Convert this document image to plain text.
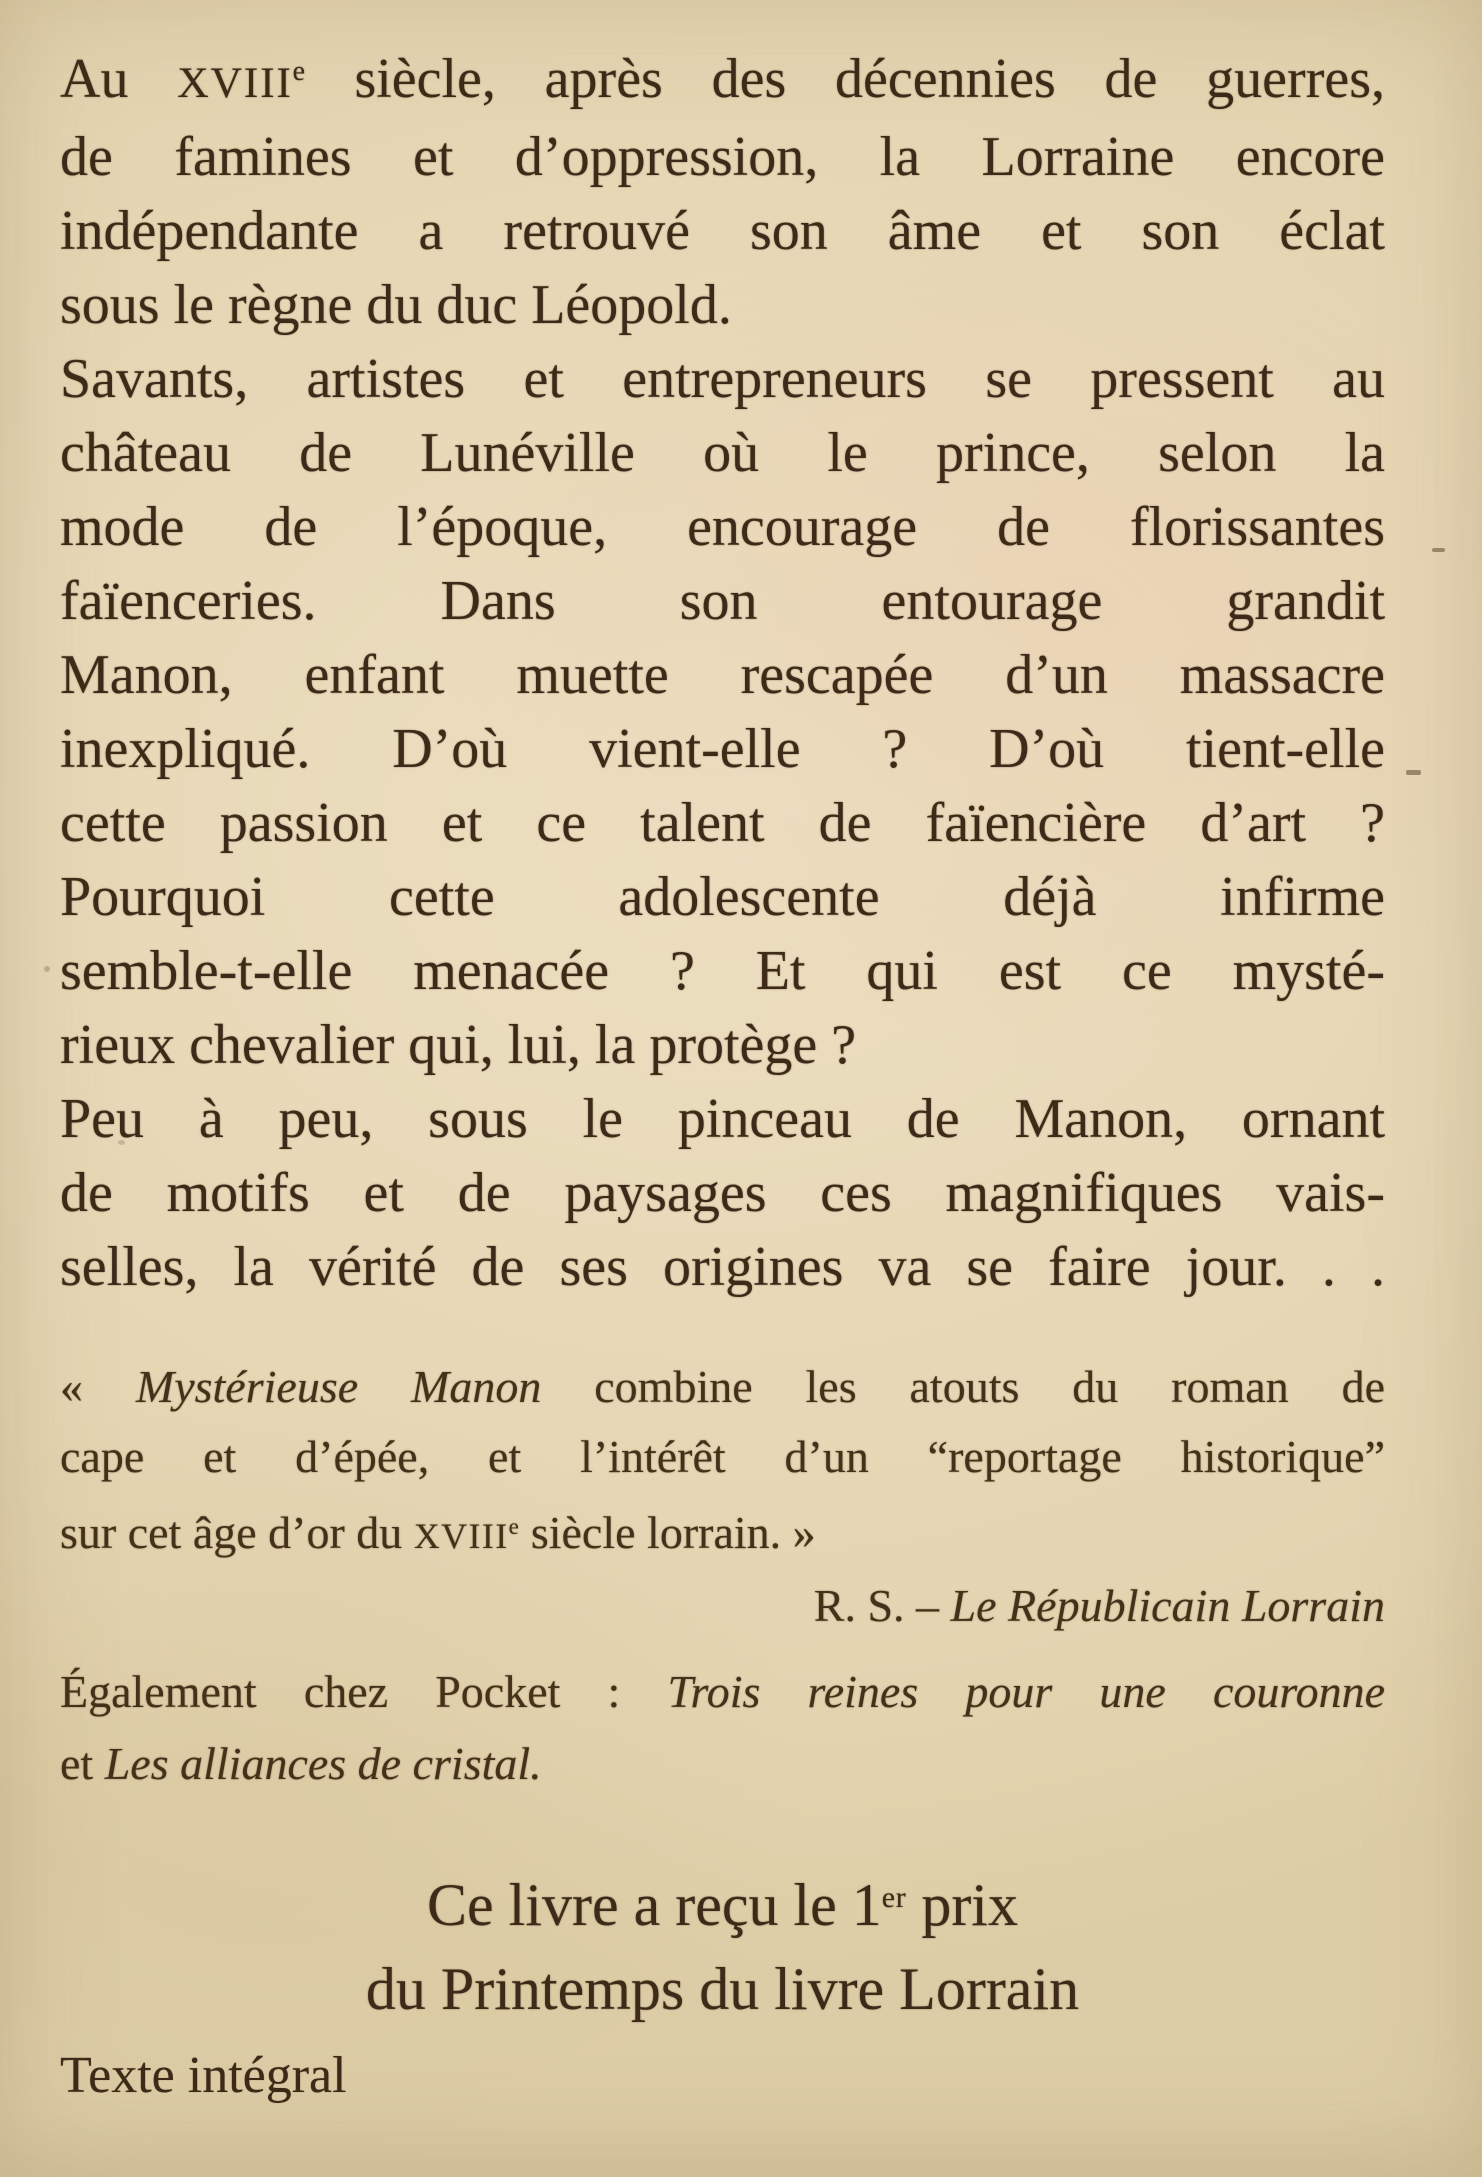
Au XVIIIe siècle, après des décennies de guerres,
de famines et d’oppression, la Lorraine encore
indépendante a retrouvé son âme et son éclat
sous le règne du duc Léopold.
Savants, artistes et entrepreneurs se pressent au
château de Lunéville où le prince, selon la
mode de l’époque, encourage de florissantes
faïenceries. Dans son entourage grandit
Manon, enfant muette rescapée d’un massacre
inexpliqué. D’où vient-elle ? D’où tient-elle
cette passion et ce talent de faïencière d’art ?
Pourquoi cette adolescente déjà infirme
semble-t-elle menacée ? Et qui est ce mysté-
rieux chevalier qui, lui, la protège ?
Peu à peu, sous le pinceau de Manon, ornant
de motifs et de paysages ces magnifiques vais-
selles, la vérité de ses origines va se faire jour. . .
« Mystérieuse Manon combine les atouts du roman de
cape et d’épée, et l’intérêt d’un “reportage historique”
sur cet âge d’or du XVIIIe siècle lorrain. »
R. S. – Le Républicain Lorrain
Également chez Pocket : Trois reines pour une couronne
et Les alliances de cristal.
Ce livre a reçu le 1er prix
du Printemps du livre Lorrain
Texte intégral
